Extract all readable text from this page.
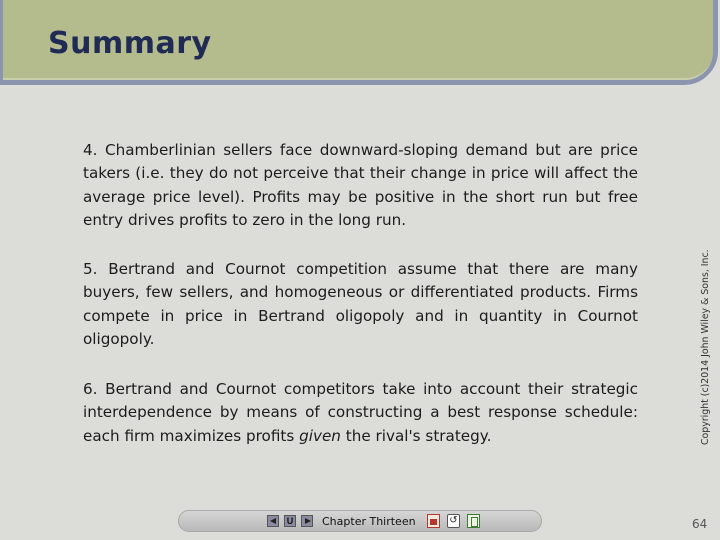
Summary
4. Chamberlinian sellers face downward-sloping demand but are price takers (i.e. they do not perceive that their change in price will affect the average price level). Profits may be positive in the short run but free entry drives profits to zero in the long run.
5. Bertrand and Cournot competition assume that there are many buyers, few sellers, and homogeneous or differentiated products. Firms compete in price in Bertrand oligopoly and in quantity in Cournot oligopoly.
6. Bertrand and Cournot competitors take into account their strategic interdependence by means of constructing a best response schedule: each firm maximizes profits given the rival's strategy.	Copyright (c)2014 John Wiley & Sons, Inc.
U	Chapter Thirteen	↺	64
